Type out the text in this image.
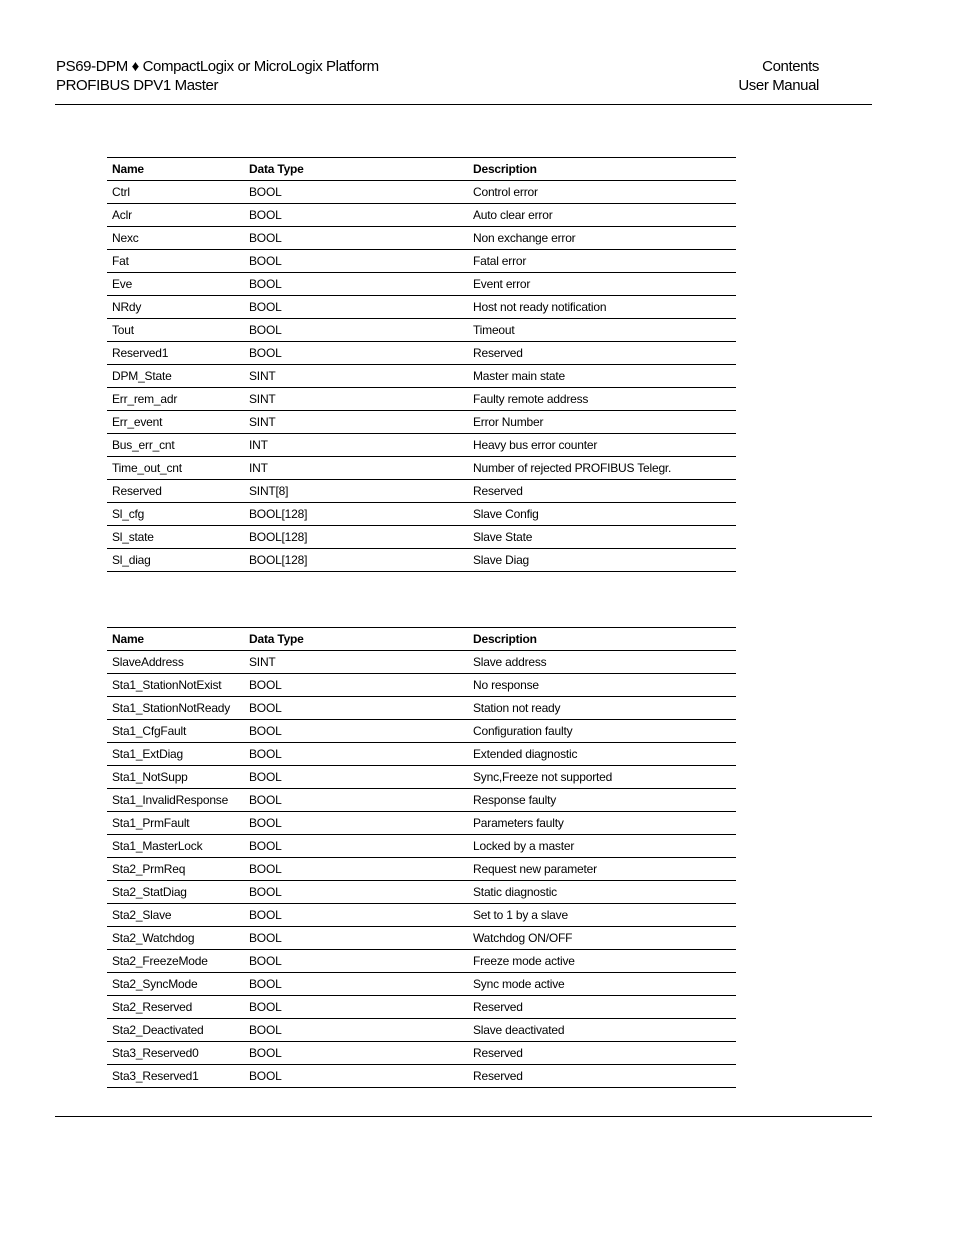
PS69-DPM ♦ CompactLogix or MicroLogix Platform
PROFIBUS DPV1 Master
Contents
User Manual
Name	Data Type	Description
Ctrl	BOOL	Control error
Aclr	BOOL	Auto clear error
Nexc	BOOL	Non exchange error
Fat	BOOL	Fatal error
Eve	BOOL	Event error
NRdy	BOOL	Host not ready notification
Tout	BOOL	Timeout
Reserved1	BOOL	Reserved
DPM_State	SINT	Master main state
Err_rem_adr	SINT	Faulty remote address
Err_event	SINT	Error Number
Bus_err_cnt	INT	Heavy bus error counter
Time_out_cnt	INT	Number of rejected PROFIBUS Telegr.
Reserved	SINT[8]	Reserved
Sl_cfg	BOOL[128]	Slave Config
Sl_state	BOOL[128]	Slave State
Sl_diag	BOOL[128]	Slave Diag
Name	Data Type	Description
SlaveAddress	SINT	Slave address
Sta1_StationNotExist	BOOL	No response
Sta1_StationNotReady	BOOL	Station not ready
Sta1_CfgFault	BOOL	Configuration faulty
Sta1_ExtDiag	BOOL	Extended diagnostic
Sta1_NotSupp	BOOL	Sync,Freeze not supported
Sta1_InvalidResponse	BOOL	Response faulty
Sta1_PrmFault	BOOL	Parameters faulty
Sta1_MasterLock	BOOL	Locked by a master
Sta2_PrmReq	BOOL	Request new parameter
Sta2_StatDiag	BOOL	Static diagnostic
Sta2_Slave	BOOL	Set to 1 by a slave
Sta2_Watchdog	BOOL	Watchdog ON/OFF
Sta2_FreezeMode	BOOL	Freeze mode active
Sta2_SyncMode	BOOL	Sync mode active
Sta2_Reserved	BOOL	Reserved
Sta2_Deactivated	BOOL	Slave deactivated
Sta3_Reserved0	BOOL	Reserved
Sta3_Reserved1	BOOL	Reserved
